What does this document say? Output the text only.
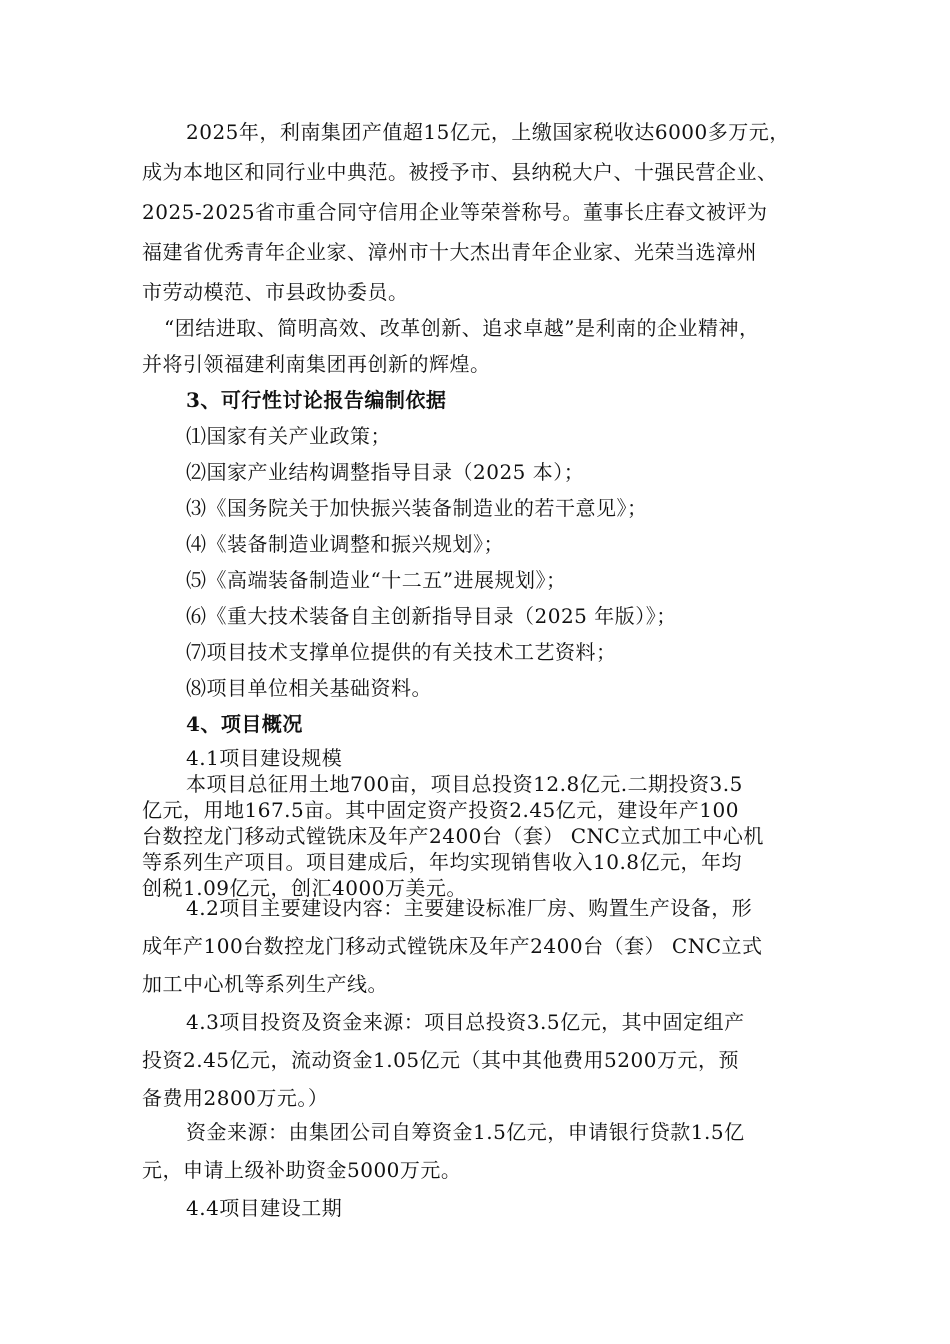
2025年，利南集团产值超15亿元，上缴国家税收达6000多万元，
成为本地区和同行业中典范。被授予市、县纳税大户、十强民营企业、
2025-2025省市重合同守信用企业等荣誉称号。董事长庄春文被评为
福建省优秀青年企业家、漳州市十大杰出青年企业家、光荣当选漳州
市劳动模范、市县政协委员。
“团结进取、简明高效、改革创新、追求卓越”是利南的企业精神，
并将引领福建利南集团再创新的辉煌。
3、可行性讨论报告编制依据
⑴国家有关产业政策；
⑵国家产业结构调整指导目录（2025 本）；
⑶《国务院关于加快振兴装备制造业的若干意见》；
⑷《装备制造业调整和振兴规划》；
⑸《高端装备制造业“十二五”进展规划》；
⑹《重大技术装备自主创新指导目录（2025 年版）》；
⑺项目技术支撑单位提供的有关技术工艺资料；
⑻项目单位相关基础资料。
4、项目概况
4.1项目建设规模
本项目总征用土地700亩，项目总投资12.8亿元.二期投资3.5
亿元，用地167.5亩。其中固定资产投资2.45亿元，建设年产100
台数控龙门移动式镗铣床及年产2400台（套） CNC立式加工中心机
等系列生产项目。项目建成后，年均实现销售收入10.8亿元，年均
创税1.09亿元，创汇4000万美元。
4.2项目主要建设内容：主要建设标准厂房、购置生产设备，形
成年产100台数控龙门移动式镗铣床及年产2400台（套） CNC立式
加工中心机等系列生产线。
4.3项目投资及资金来源：项目总投资3.5亿元，其中固定组产
投资2.45亿元，流动资金1.05亿元（其中其他费用5200万元，预
备费用2800万元。）
资金来源：由集团公司自筹资金1.5亿元，申请银行贷款1.5亿
元，申请上级补助资金5000万元。
4.4项目建设工期
